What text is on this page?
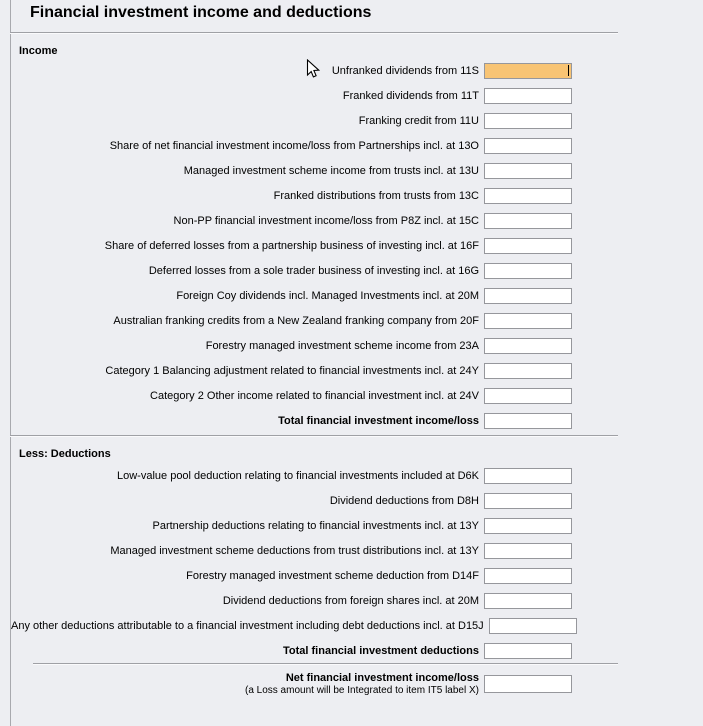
Financial investment income and deductions
Income
Unfranked dividends from 11S
Franked dividends from 11T
Franking credit from 11U
Share of net financial investment income/loss from Partnerships incl. at 13O
Managed investment scheme income from trusts incl. at 13U
Franked distributions from trusts from 13C
Non-PP financial investment income/loss from P8Z incl. at 15C
Share of deferred losses from a partnership business of investing incl. at 16F
Deferred losses from a sole trader business of investing incl. at 16G
Foreign Coy dividends incl. Managed Investments incl. at 20M
Australian franking credits from a New Zealand franking company from 20F
Forestry managed investment scheme income from 23A
Category 1 Balancing adjustment related to financial investments incl. at 24Y
Category 2 Other income related to financial investment incl. at 24V
Total financial investment income/loss
Less: Deductions
Low-value pool deduction relating to financial investments included at D6K
Dividend deductions from D8H
Partnership deductions relating to financial investments incl. at 13Y
Managed investment scheme deductions from trust distributions incl. at 13Y
Forestry managed investment scheme deduction from D14F
Dividend deductions from foreign shares incl. at 20M
Any other deductions attributable to a financial investment including debt deductions incl. at D15J
Total financial investment deductions
Net financial investment income/loss
(a Loss amount will be Integrated to item IT5 label X)
